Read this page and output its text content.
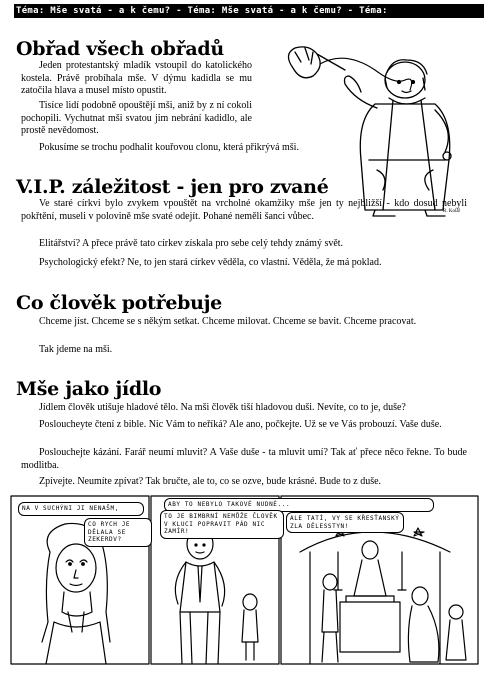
Téma: Mše svatá - a k čemu? - Téma: Mše svatá - a k čemu? - Téma:
Obřad všech obřadů

Jeden protestantský mladík vstoupil do katolického kostela. Právě probíhala mše. V dýmu kadidla se mu zatočila hlava a musel místo opustit.

Tisíce lidí podobně opouštějí mši, aniž by z ní cokoli pochopili. Vychutnat mši svatou jim nebrání kadidlo, ale prostě nevědomost.

Pokusíme se trochu podhalit kouřovou clonu, která přikrývá mši.

R. Kolář
V.I.P. záležitost - jen pro zvané

Ve staré církvi bylo zvykem vpouštět na vrcholné okamžiky mše jen ty nejbližší - kdo dosud nebyli pokřtění, museli v polovině mše svaté odejít. Pohané neměli šanci vůbec.

Elitářství? A přece právě tato církev získala pro sebe celý tehdy známý svět.

Psychologický efekt? Ne, to jen stará církev věděla, co vlastní. Věděla, že má poklad.

Co člověk potřebuje

Chceme jíst. Chceme se s někým setkat. Chceme milovat. Chceme se bavit. Chceme pracovat.

Tak jdeme na mši.

Mše jako jídlo

Jídlem člověk utišuje hladové tělo. Na mši člověk tiší hladovou duši. Nevíte, co to je, duše?

Posloucheyte čtení z bible. Nic Vám to neříká? Ale ano, počkejte. Už se ve Vás probouzí. Vaše duše.

Poslouchejte kázání. Farář neumí mluvit? A Vaše duše - ta mluvit umí? Tak ať přece něco řekne. To bude modlitba.

Zpívejte. Neumíte zpívat? Tak bručte, ale to, co se ozve, bude krásné. Bude to z duše.

NA V SUCHÝNI JI NENAŠM,
CO RYCH JE DĚLALA SE ZEKERDV?
ABY TO NEBYLO TAKOVÉ NUDNÉ...
TO JE BIMBRNÍ NEMŮŽE ČLOVĚK V KLUCI POPRAVIT PÁD NIC ZAMÍR!
ALE TATÍ, VY SE KŘESŤANSKÝ ZLA DĚLESSTYN!
